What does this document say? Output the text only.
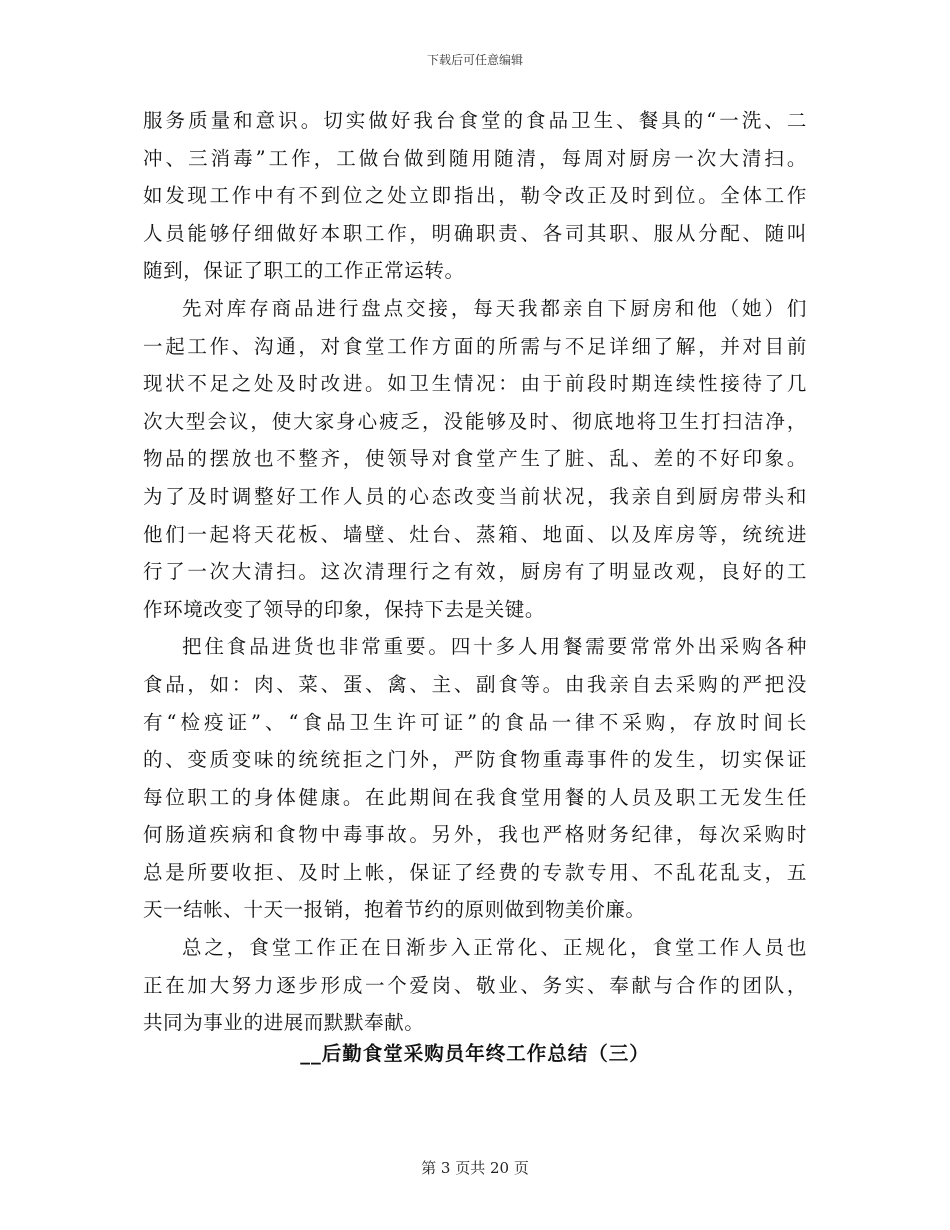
下载后可任意编辑
服务质量和意识。切实做好我台食堂的食品卫生、餐具的“一洗、二
冲、三消毒”工作，工做台做到随用随清，每周对厨房一次大清扫。
如发现工作中有不到位之处立即指出，勒令改正及时到位。全体工作
人员能够仔细做好本职工作，明确职责、各司其职、服从分配、随叫
随到，保证了职工的工作正常运转。
先对库存商品进行盘点交接，每天我都亲自下厨房和他（她）们
一起工作、沟通，对食堂工作方面的所需与不足详细了解，并对目前
现状不足之处及时改进。如卫生情况：由于前段时期连续性接待了几
次大型会议，使大家身心疲乏，没能够及时、彻底地将卫生打扫洁净，
物品的摆放也不整齐，使领导对食堂产生了脏、乱、差的不好印象。
为了及时调整好工作人员的心态改变当前状况，我亲自到厨房带头和
他们一起将天花板、墙壁、灶台、蒸箱、地面、以及库房等，统统进
行了一次大清扫。这次清理行之有效，厨房有了明显改观，良好的工
作环境改变了领导的印象，保持下去是关键。
把住食品进货也非常重要。四十多人用餐需要常常外出采购各种
食品，如：肉、菜、蛋、禽、主、副食等。由我亲自去采购的严把没
有“检疫证”、“食品卫生许可证”的食品一律不采购，存放时间长
的、变质变味的统统拒之门外，严防食物重毒事件的发生，切实保证
每位职工的身体健康。在此期间在我食堂用餐的人员及职工无发生任
何肠道疾病和食物中毒事故。另外，我也严格财务纪律，每次采购时
总是所要收拒、及时上帐，保证了经费的专款专用、不乱花乱支，五
天一结帐、十天一报销，抱着节约的原则做到物美价廉。
总之，食堂工作正在日渐步入正常化、正规化，食堂工作人员也
正在加大努力逐步形成一个爱岗、敬业、务实、奉献与合作的团队，
共同为事业的进展而默默奉献。
__后勤食堂采购员年终工作总结（三）
第 3 页共 20 页
